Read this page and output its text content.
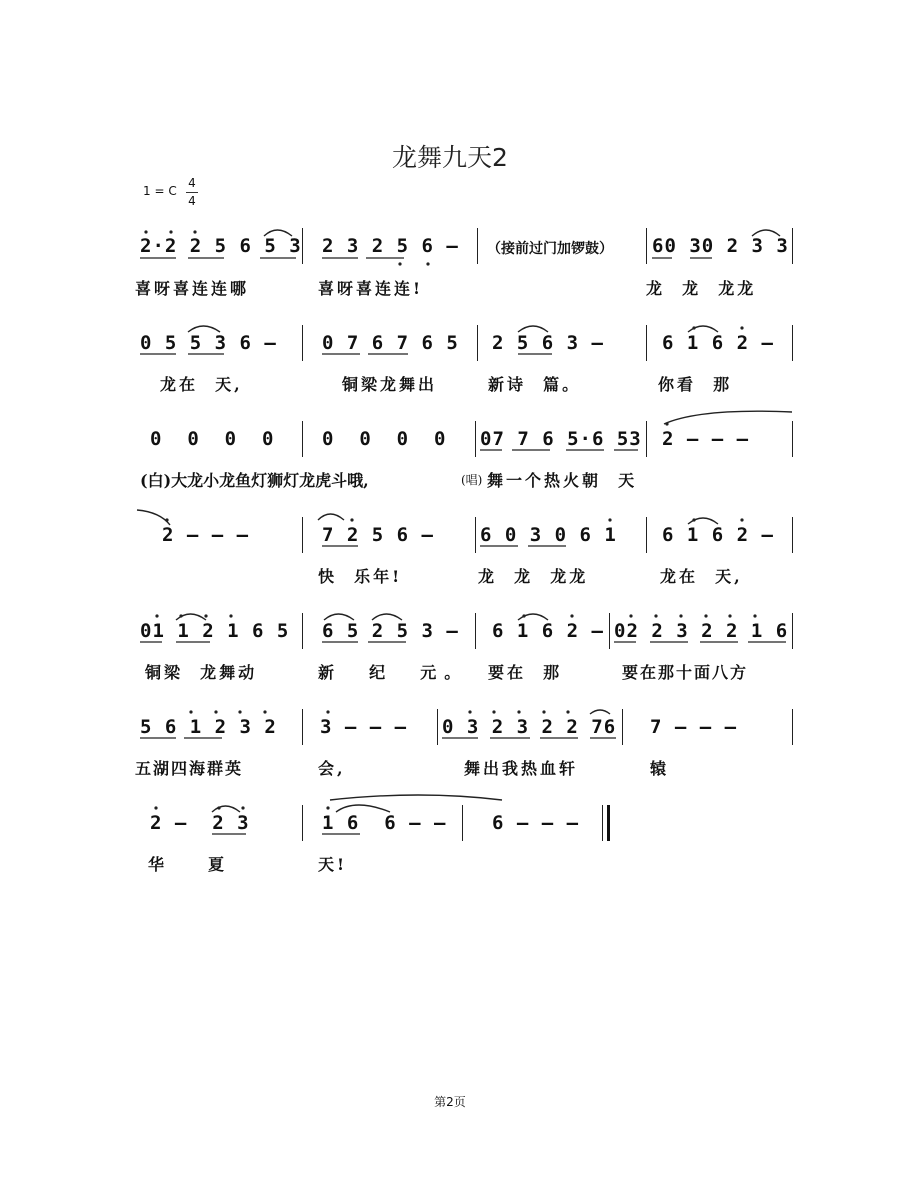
龙舞九天2
1 = C
4
4
2·2 2 5 6 5 3 2 3 2 5 6 – （接前过门加锣鼓） 60 30 2 3 3
喜呀喜连连哪	喜呀喜连连!	龙  龙  龙龙
0 5 5 3 6 – 0 7 6 7 6 5 2 5 6 3 –	6 1 6 2 –
龙在  天,	铜梁龙舞出	新诗  篇。	你看  那
0  0  0  0	0  0  0  0 07 7 6 5·6 53 2 – – –
(白)大龙小龙鱼灯狮灯龙虎斗哦,	(唱) 舞一个热火朝  天
2 – – –	7 2 5 6 – 6 0 3 0 6 1 6 1 6 2 –
快  乐年!	龙  龙  龙龙	龙在  天,
01 1 2 1 6 5 6 5 2 5 3 – 6 1 6 2 – 02 2 3 2 2 1 6
铜梁  龙舞动	新  纪  元。 要在  那	要在那十面八方
5 6 1 2 3 2 3 – – – 0 3 2 3 2 2 76 7 – – –
五湖四海群英	会,	舞出我热血轩	辕
2 –  2 3	1 6  6 – – 6 – – –
华	夏	天!
第2页
